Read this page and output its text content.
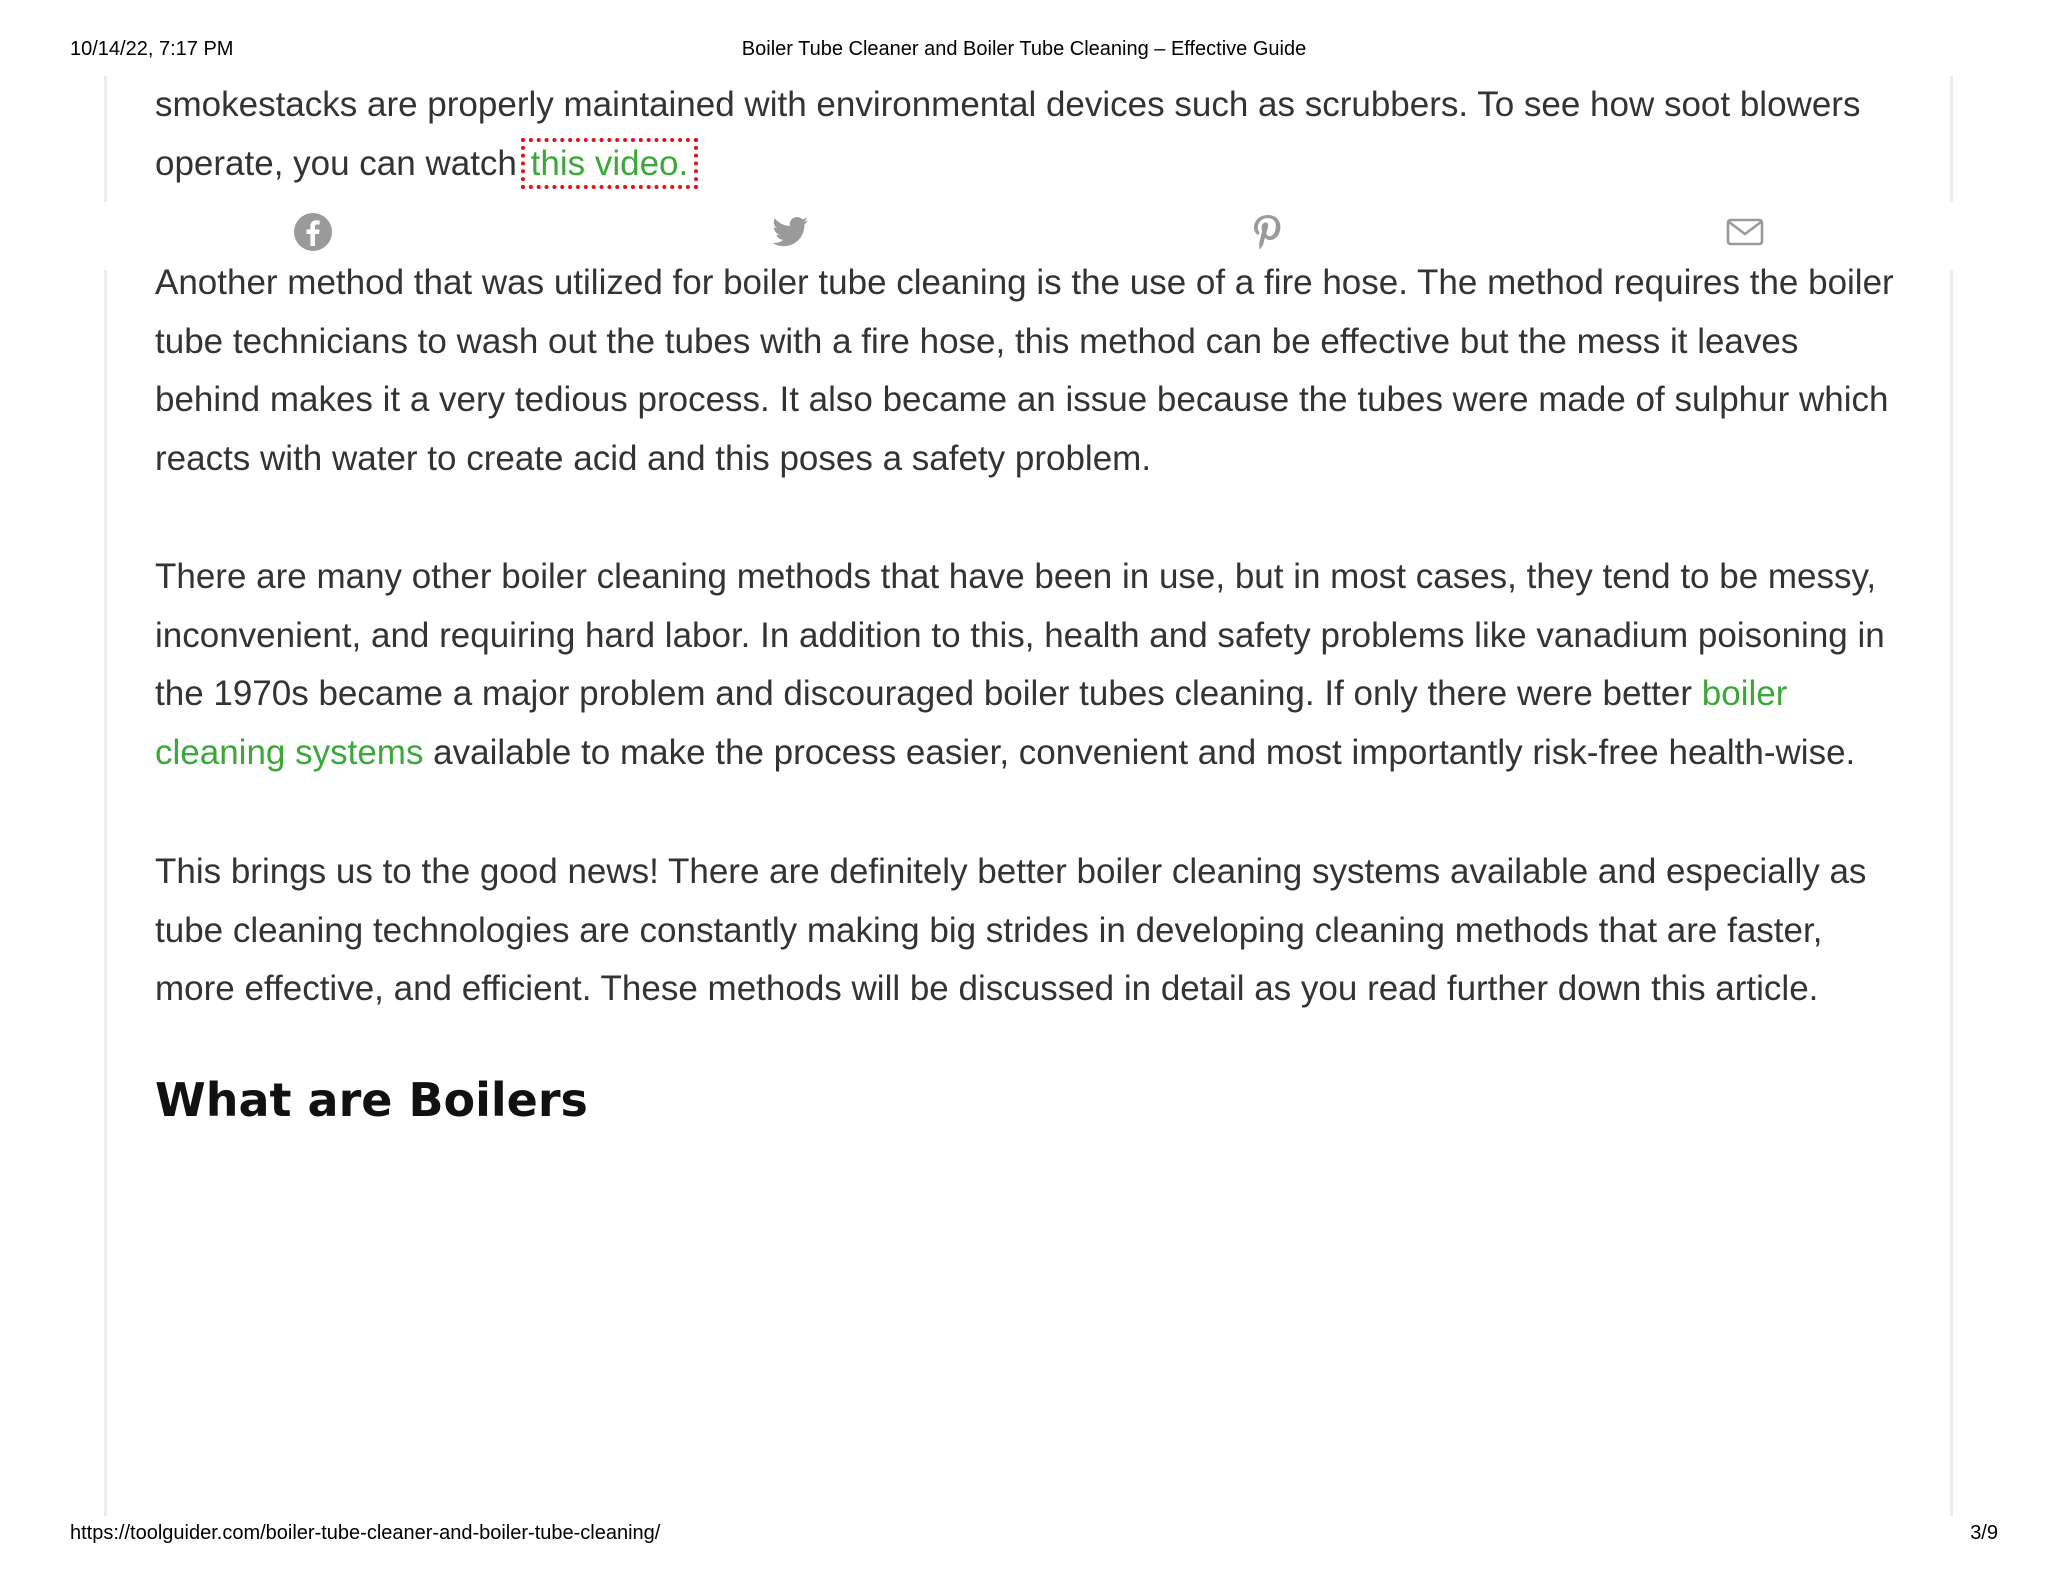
10/14/22, 7:17 PM	Boiler Tube Cleaner and Boiler Tube Cleaning – Effective Guide

smokestacks are properly maintained with environmental devices such as scrubbers. To see how soot blowers
operate, you can watch this video.

Another method that was utilized for boiler tube cleaning is the use of a fire hose. The method requires the boiler
tube technicians to wash out the tubes with a fire hose, this method can be effective but the mess it leaves
behind makes it a very tedious process. It also became an issue because the tubes were made of sulphur which
reacts with water to create acid and this poses a safety problem.

There are many other boiler cleaning methods that have been in use, but in most cases, they tend to be messy,
inconvenient, and requiring hard labor. In addition to this, health and safety problems like vanadium poisoning in
the 1970s became a major problem and discouraged boiler tubes cleaning. If only there were better boiler
cleaning systems available to make the process easier, convenient and most importantly risk-free health-wise.

This brings us to the good news! There are definitely better boiler cleaning systems available and especially as
tube cleaning technologies are constantly making big strides in developing cleaning methods that are faster,
more effective, and efficient. These methods will be discussed in detail as you read further down this article.

What are Boilers
https://toolguider.com/boiler-tube-cleaner-and-boiler-tube-cleaning/	3/9
